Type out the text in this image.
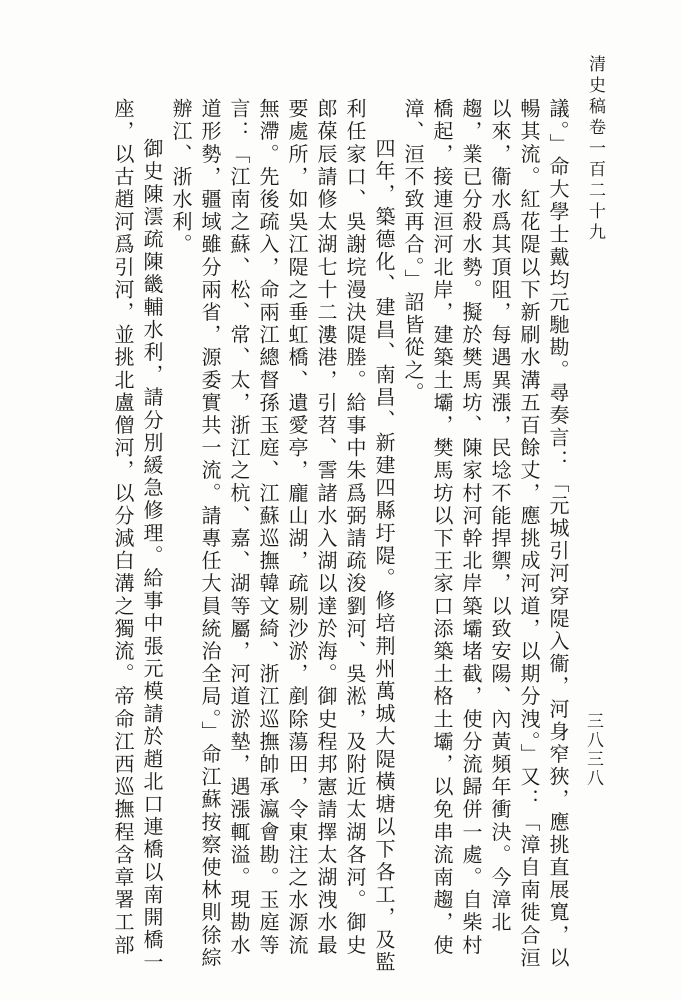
清史稿卷一百二十九
三八三八

議。」命大學士戴均元馳勘。尋奏言：「元城引河穿隄入衞，河身窄狹，應挑直展寬，以暢其流。紅花隄以下新刷水溝五百餘丈，應挑成河道，以期分洩。」又：「漳自南徙合洹以來，衞水爲其頂阻，每遇異漲，民埝不能捍禦，以致安陽、內黃頻年衝決。今漳北趨，業已分殺水勢。擬於樊馬坊、陳家村河幹北岸築壩堵截，使分流歸併一處。自柴村橋起，接連洹河北岸，建築土壩，樊馬坊以下王家口添築土格土壩，以免串流南趨，使漳、洹不致再合。」詔皆從之。

四年，築德化、建昌、南昌、新建四縣圩隄。修培荆州萬城大隄橫塘以下各工，及監利任家口、吳謝垸漫決隄塍。給事中朱爲弼請疏浚劉河、吳淞，及附近太湖各河。御史郎葆辰請修太湖七十二漊港，引苕、霅諸水入湖以達於海。御史程邦憲請擇太湖洩水最要處所，如吳江隄之垂虹橋、遺愛亭，龐山湖，疏剔沙淤，剷除蕩田，令東注之水源流無滯。先後疏入，命兩江總督孫玉庭、江蘇巡撫韓文綺、浙江巡撫帥承瀛會勘。玉庭等言：「江南之蘇、松、常、太，浙江之杭、嘉、湖等屬，河道淤墊，遇漲輒溢。現勘水道形勢，疆域雖分兩省，源委實共一流。請專任大員統治全局。」命江蘇按察使林則徐綜辦江、浙水利。

御史陳澐疏陳畿輔水利，請分別緩急修理。給事中張元模請於趙北口連橋以南開橋一座，以古趙河爲引河，並挑北盧僧河，以分減白溝之獨流。帝命江西巡撫程含章署工部
